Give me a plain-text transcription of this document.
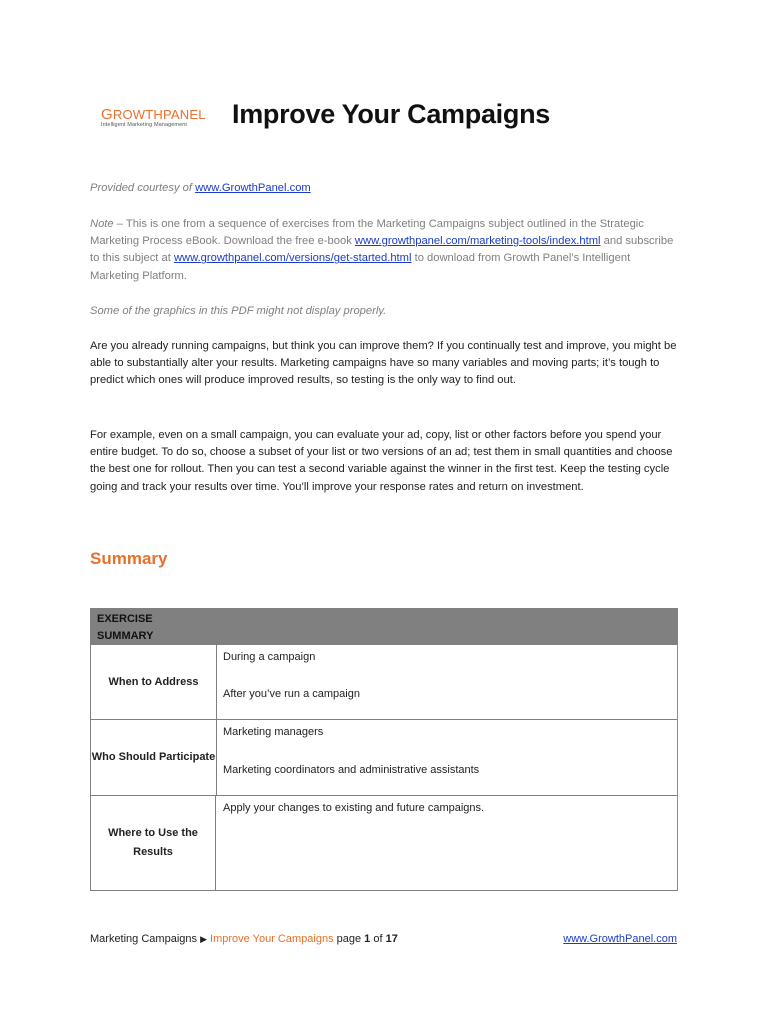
GROWTHPANEL
Intelligent Marketing Management	Improve Your Campaigns

Provided courtesy of www.GrowthPanel.com

Note – This is one from a sequence of exercises from the Marketing Campaigns subject outlined in the Strategic Marketing Process eBook. Download the free e-book www.growthpanel.com/marketing-tools/index.html and subscribe to this subject at www.growthpanel.com/versions/get-started.html to download from Growth Panel’s Intelligent Marketing Platform.

Some of the graphics in this PDF might not display properly.

Are you already running campaigns, but think you can improve them? If you continually test and improve, you might be able to substantially alter your results. Marketing campaigns have so many variables and moving parts; it’s tough to predict which ones will produce improved results, so testing is the only way to find out.

For example, even on a small campaign, you can evaluate your ad, copy, list or other factors before you spend your entire budget. To do so, choose a subset of your list or two versions of an ad; test them in small quantities and choose the best one for rollout. Then you can test a second variable against the winner in the first test. Keep the testing cycle going and track your results over time. You’ll improve your response rates and return on investment.

Summary
EXERCISE SUMMARY
When to Address

During a campaign

After you’ve run a campaign

Who Should Participate

Marketing managers

Marketing coordinators and administrative assistants

Where to Use the Results

Apply your changes to existing and future campaigns.

Marketing Campaigns ▶ Improve Your Campaigns page 1 of 17	www.GrowthPanel.com
